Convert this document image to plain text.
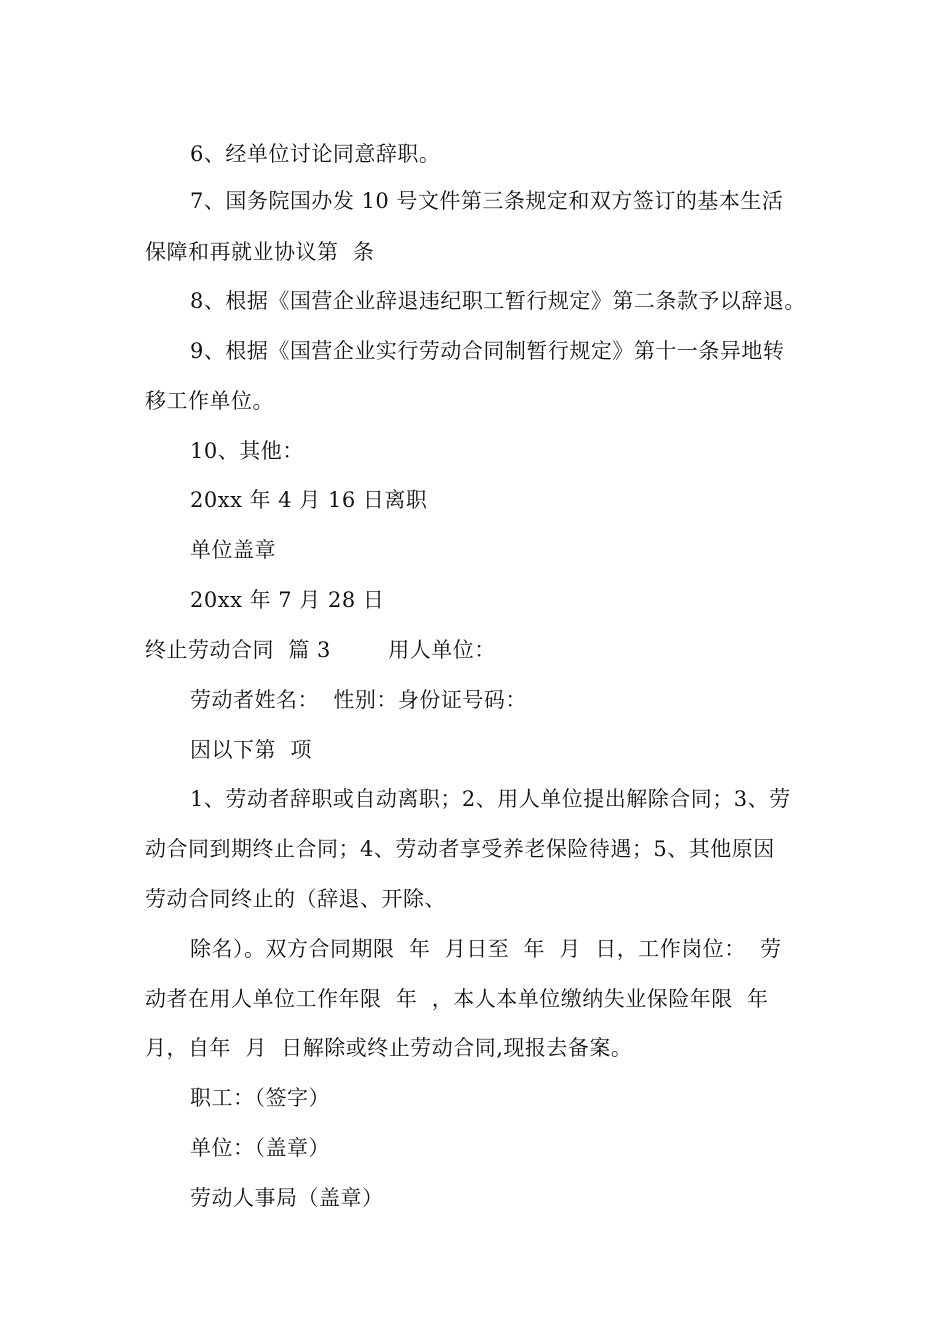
6、经单位讨论同意辞职。
7、国务院国办发 10 号文件第三条规定和双方签订的基本生活
保障和再就业协议第  条
8、根据《国营企业辞退违纪职工暂行规定》第二条款予以辞退。
9、根据《国营企业实行劳动合同制暂行规定》第十一条异地转
移工作单位。
10、其他：
20xx 年 4 月 16 日离职
单位盖章
20xx 年 7 月 28 日
终止劳动合同  篇 3        用人单位：
劳动者姓名：  性别：身份证号码：
因以下第  项
1、劳动者辞职或自动离职；2、用人单位提出解除合同；3、劳
动合同到期终止合同；4、劳动者享受养老保险待遇；5、其他原因
劳动合同终止的（辞退、开除、
除名）。双方合同期限  年  月日至  年  月  日，工作岗位：  劳
动者在用人单位工作年限  年  ，本人本单位缴纳失业保险年限  年
月，自年  月  日解除或终止劳动合同,现报去备案。
职工：（签字）
单位：（盖章）
劳动人事局（盖章）
